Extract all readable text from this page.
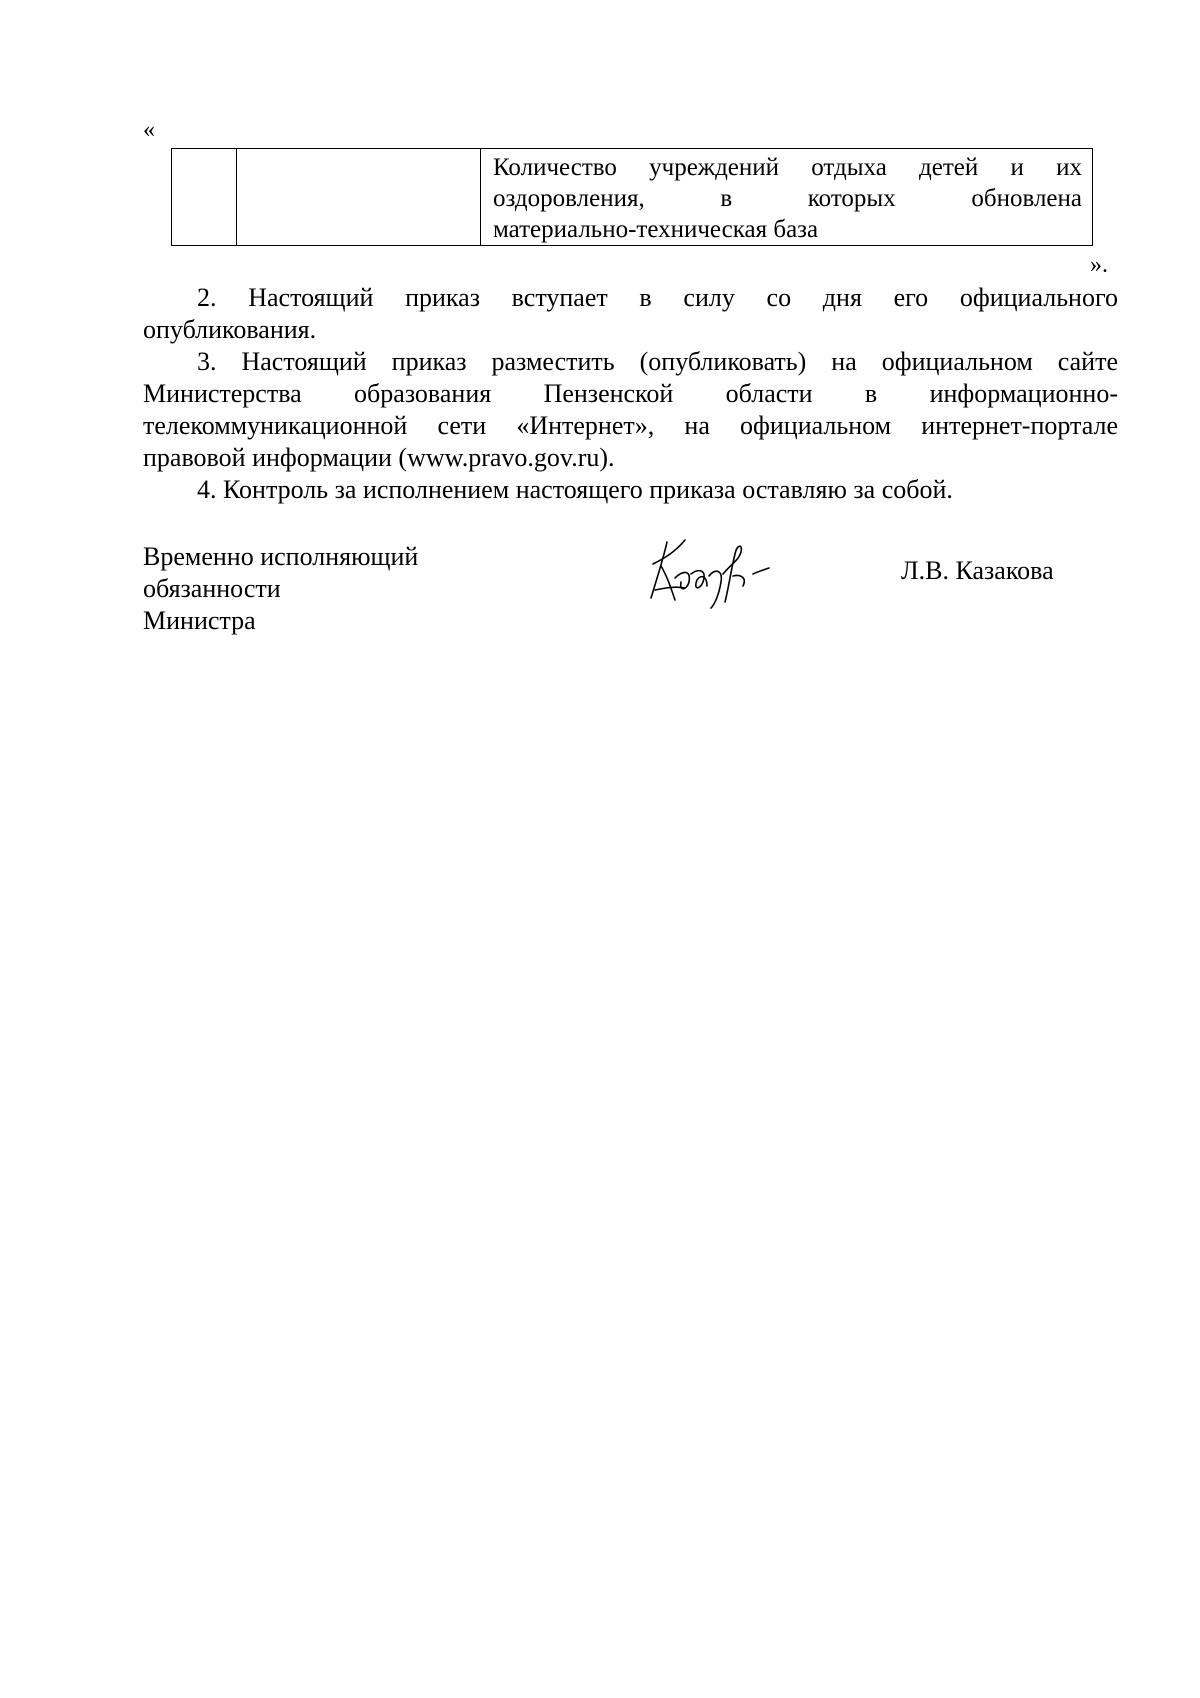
«
Количество учреждений отдыха детей и их
оздоровления, в которых обновлена
материально-техническая база
».
2. Настоящий приказ вступает в силу со дня его официального
опубликования.
3. Настоящий приказ разместить (опубликовать) на официальном сайте
Министерства образования Пензенской области в информационно-
телекоммуникационной сети «Интернет», на официальном интернет-портале
правовой информации (www.pravo.gov.ru).
4. Контроль за исполнением настоящего приказа оставляю за собой.
Временно исполняющий
обязанности
Министра
Л.В. Казакова
